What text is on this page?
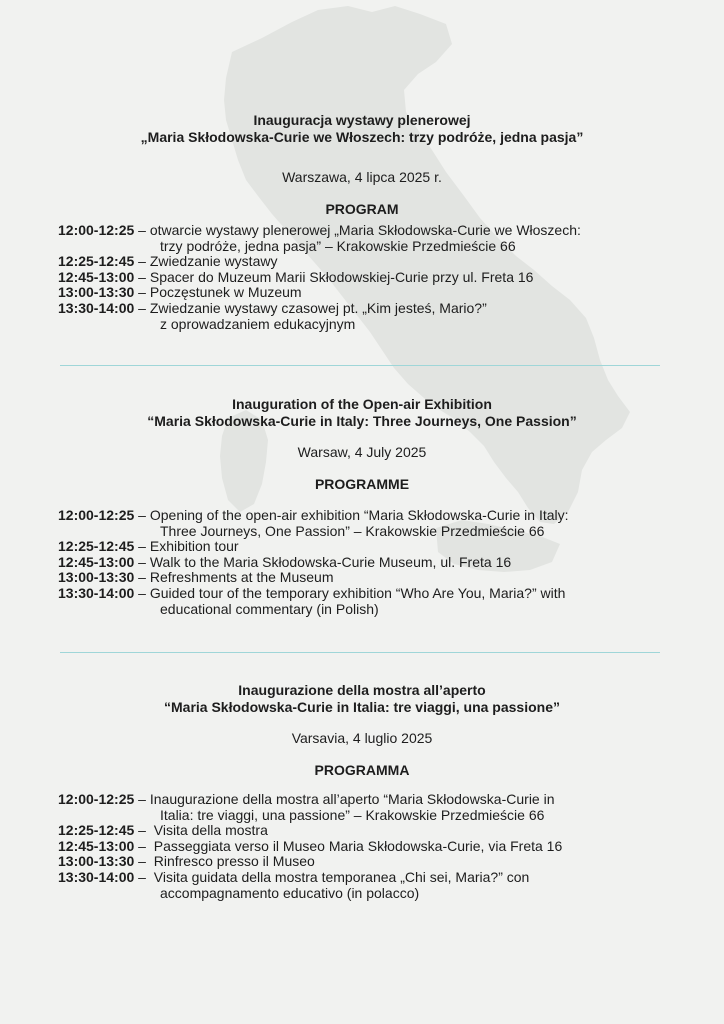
Inauguracja wystawy plenerowej

„Maria Skłodowska-Curie we Włoszech: trzy podróże, jedna pasja”

Warszawa, 4 lipca 2025 r.

PROGRAM

12:00-12:25 – otwarcie wystawy plenerowej „Maria Skłodowska-Curie we Włoszech:
trzy podróże, jedna pasja” – Krakowskie Przedmieście 66
12:25-12:45 – Zwiedzanie wystawy
12:45-13:00 – Spacer do Muzeum Marii Skłodowskiej-Curie przy ul. Freta 16
13:00-13:30 – Poczęstunek w Muzeum
13:30-14:00 – Zwiedzanie wystawy czasowej pt. „Kim jesteś, Mario?”
z oprowadzaniem edukacyjnym

Inauguration of the Open-air Exhibition

“Maria Skłodowska-Curie in Italy: Three Journeys, One Passion”

Warsaw, 4 July 2025

PROGRAMME

12:00-12:25 – Opening of the open-air exhibition “Maria Skłodowska-Curie in Italy:
Three Journeys, One Passion” – Krakowskie Przedmieście 66
12:25-12:45 – Exhibition tour
12:45-13:00 – Walk to the Maria Skłodowska-Curie Museum, ul. Freta 16
13:00-13:30 – Refreshments at the Museum
13:30-14:00 – Guided tour of the temporary exhibition “Who Are You, Maria?” with
educational commentary (in Polish)

Inaugurazione della mostra all’aperto

“Maria Skłodowska-Curie in Italia: tre viaggi, una passione”

Varsavia, 4 luglio 2025

PROGRAMMA

12:00-12:25 – Inaugurazione della mostra all’aperto “Maria Skłodowska-Curie in
Italia: tre viaggi, una passione” – Krakowskie Przedmieście 66
12:25-12:45 – Visita della mostra
12:45-13:00 – Passeggiata verso il Museo Maria Skłodowska-Curie, via Freta 16
13:00-13:30 – Rinfresco presso il Museo
13:30-14:00 – Visita guidata della mostra temporanea „Chi sei, Maria?” con
accompagnamento educativo (in polacco)
